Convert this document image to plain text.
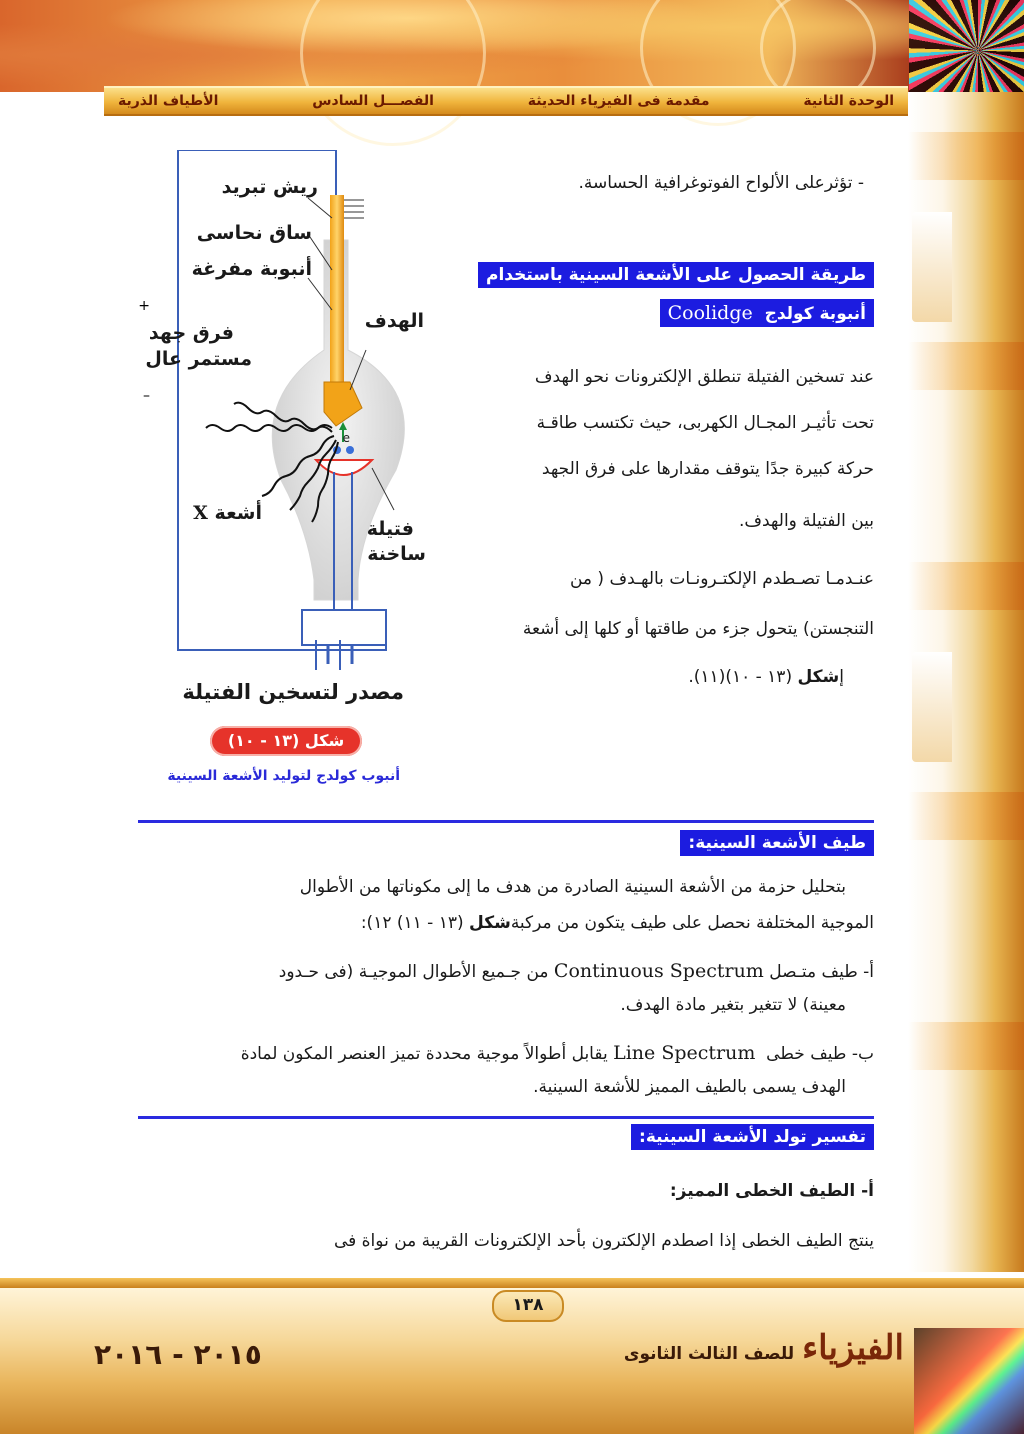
الوحدة الثانية
مقدمة فى الفيزياء الحديثة
الفصـــل السادس
الأطياف الذرية
- تؤثرعلى الألواح الفوتوغرافية الحساسة.
طريقة الحصول على الأشعة السينية باستخدام
أنبوبة كولدج  Coolidge
عند تسخين الفتيلة تنطلق الإلكترونات نحو الهدف
تحت تأثيـر المجـال الكهربى، حيث تكتسب طاقـة
حركة كبيرة جدًا يتوقف مقدارها على فرق الجهد
بين الفتيلة والهدف.
عنـدمـا تصـطدم الإلكتـرونـات بالهـدف ( من
التنجستن) يتحول جزء من طاقتها أو كلها إلى أشعة
إشكل (١٣ - ١٠)(١١).
e
+
–
ريش تبريد
ساق نحاسى
أنبوبة مفرغة
الهدف
فرق جهد
مستمر عال
أشعة X
فتيلة
ساخنة
مصدر لتسخين الفتيلة
شكل (١٣ - ١٠)
أنبوب كولدج لتوليد الأشعة السينية
طيف الأشعة السينية:
بتحليل حزمة من الأشعة السينية الصادرة من هدف ما إلى مكوناتها من الأطوال
الموجية المختلفة نحصل على طيف يتكون من مركبةشكل (١٣ - ١١) ١٢):
أ- طيف متـصل Continuous Spectrum من جـميع الأطوال الموجيـة (فى حـدود
معينة) لا تتغير بتغير مادة الهدف.
ب- طيف خطى  Line Spectrum يقابل أطوالاً موجية محددة تميز العنصر المكون لمادة
الهدف يسمى بالطيف المميز للأشعة السينية.
تفسير تولد الأشعة السينية:
أ- الطيف الخطى المميز:
ينتج الطيف الخطى إذا اصطدم الإلكترون بأحد الإلكترونات القريبة من نواة فى
١٣٨
الفيزياءللصف الثالث الثانوى
٢٠١٥ - ٢٠١٦
